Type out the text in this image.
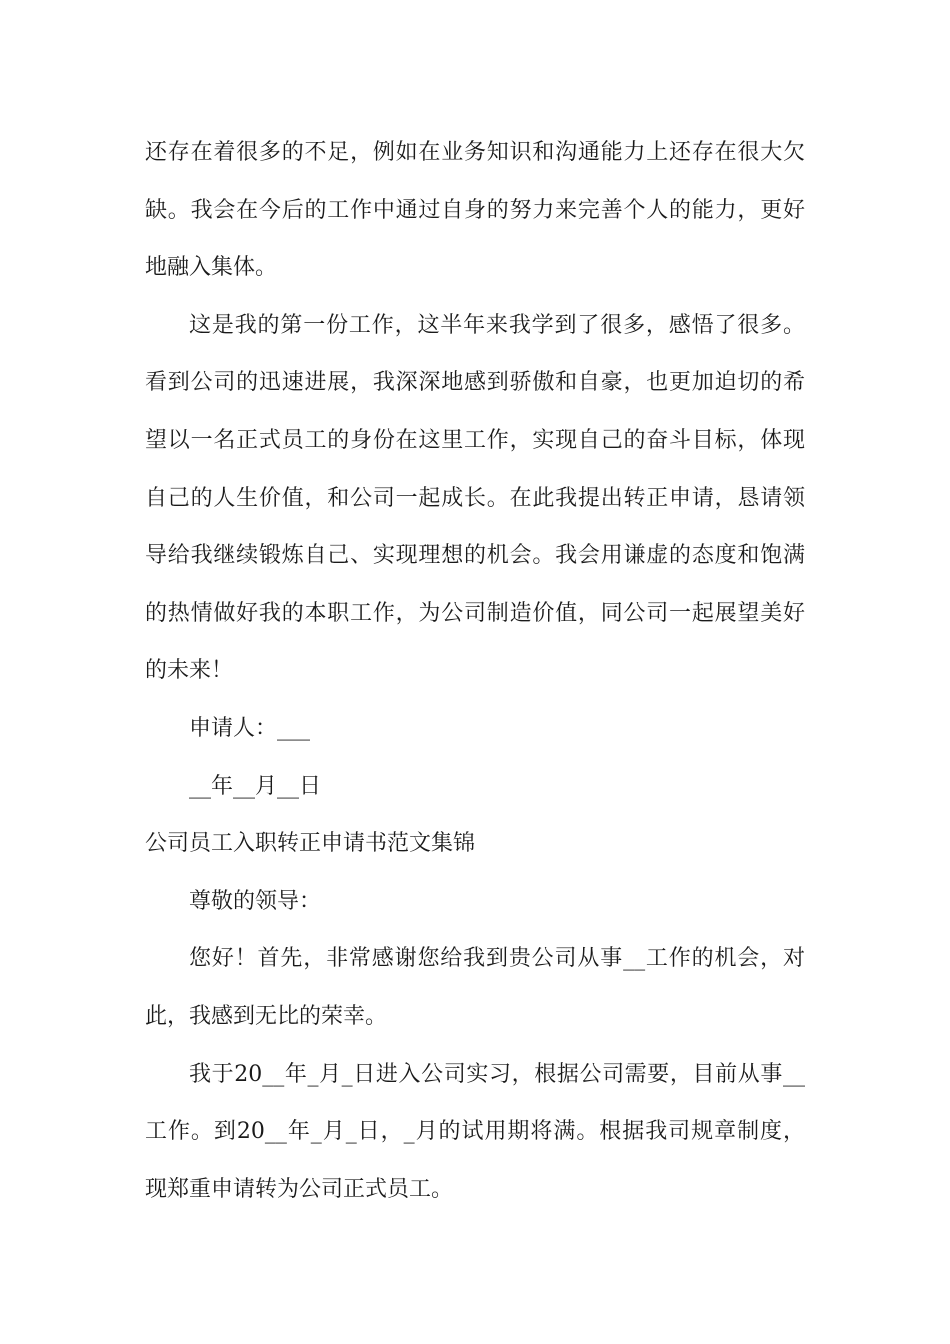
还存在着很多的不足，例如在业务知识和沟通能力上还存在很大欠
缺。我会在今后的工作中通过自身的努力来完善个人的能力，更好
地融入集体。
这是我的第一份工作，这半年来我学到了很多，感悟了很多。
看到公司的迅速进展，我深深地感到骄傲和自豪，也更加迫切的希
望以一名正式员工的身份在这里工作，实现自己的奋斗目标，体现
自己的人生价值，和公司一起成长。在此我提出转正申请，恳请领
导给我继续锻炼自己、实现理想的机会。我会用谦虚的态度和饱满
的热情做好我的本职工作，为公司制造价值，同公司一起展望美好
的未来！
申请人：___
__年__月__日
公司员工入职转正申请书范文集锦
尊敬的领导：
您好！首先，非常感谢您给我到贵公司从事__工作的机会，对
此，我感到无比的荣幸。
我于20__年_月_日进入公司实习，根据公司需要，目前从事__
工作。到20__年_月_日，_月的试用期将满。根据我司规章制度，
现郑重申请转为公司正式员工。
